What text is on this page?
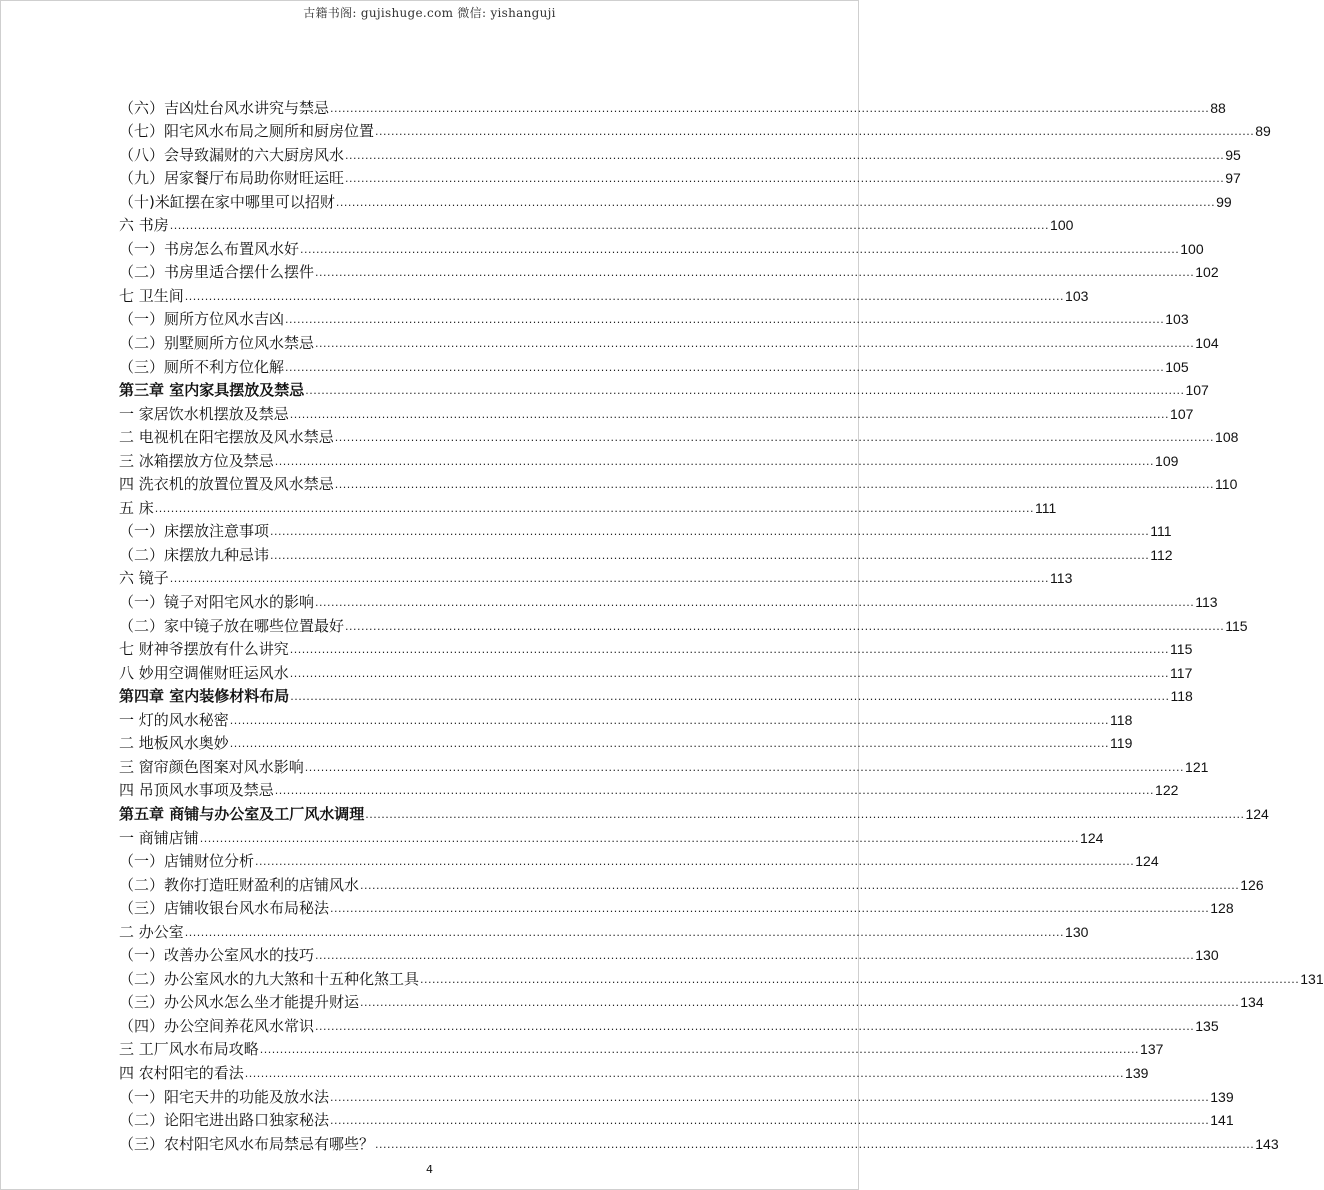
古籍书阁: gujishuge.com 微信: yishanguji
（六）吉凶灶台风水讲究与禁忌 ............................................................................................................................................................................................................................ 88
（七）阳宅风水布局之厕所和厨房位置 ............................................................................................................................................................................................................................ 89
（八）会导致漏财的六大厨房风水 ............................................................................................................................................................................................................................ 95
（九）居家餐厅布局助你财旺运旺 ............................................................................................................................................................................................................................ 97
（十)米缸摆在家中哪里可以招财 ............................................................................................................................................................................................................................ 99
六 书房 ............................................................................................................................................................................................................................ 100
（一）书房怎么布置风水好 ............................................................................................................................................................................................................................ 100
（二）书房里适合摆什么摆件 ............................................................................................................................................................................................................................ 102
七 卫生间 ............................................................................................................................................................................................................................ 103
（一）厕所方位风水吉凶 ............................................................................................................................................................................................................................ 103
（二）别墅厕所方位风水禁忌 ............................................................................................................................................................................................................................ 104
（三）厕所不利方位化解 ............................................................................................................................................................................................................................ 105
第三章 室内家具摆放及禁忌 ............................................................................................................................................................................................................................ 107
一 家居饮水机摆放及禁忌 ............................................................................................................................................................................................................................ 107
二 电视机在阳宅摆放及风水禁忌 ............................................................................................................................................................................................................................ 108
三 冰箱摆放方位及禁忌 ............................................................................................................................................................................................................................ 109
四 洗衣机的放置位置及风水禁忌 ............................................................................................................................................................................................................................ 110
五 床 ............................................................................................................................................................................................................................ 111
（一）床摆放注意事项 ............................................................................................................................................................................................................................ 111
（二）床摆放九种忌讳 ............................................................................................................................................................................................................................ 112
六 镜子 ............................................................................................................................................................................................................................ 113
（一）镜子对阳宅风水的影响 ............................................................................................................................................................................................................................ 113
（二）家中镜子放在哪些位置最好 ............................................................................................................................................................................................................................ 115
七 财神爷摆放有什么讲究 ............................................................................................................................................................................................................................ 115
八 妙用空调催财旺运风水 ............................................................................................................................................................................................................................ 117
第四章 室内装修材料布局 ............................................................................................................................................................................................................................ 118
一 灯的风水秘密 ............................................................................................................................................................................................................................ 118
二 地板风水奥妙 ............................................................................................................................................................................................................................ 119
三 窗帘颜色图案对风水影响 ............................................................................................................................................................................................................................ 121
四 吊顶风水事项及禁忌 ............................................................................................................................................................................................................................ 122
第五章 商铺与办公室及工厂风水调理 ............................................................................................................................................................................................................................ 124
一 商铺店铺 ............................................................................................................................................................................................................................ 124
（一）店铺财位分析 ............................................................................................................................................................................................................................ 124
（二）教你打造旺财盈利的店铺风水 ............................................................................................................................................................................................................................ 126
（三）店铺收银台风水布局秘法 ............................................................................................................................................................................................................................ 128
二 办公室 ............................................................................................................................................................................................................................ 130
（一）改善办公室风水的技巧 ............................................................................................................................................................................................................................ 130
（二）办公室风水的九大煞和十五种化煞工具 ............................................................................................................................................................................................................................ 131
（三）办公风水怎么坐才能提升财运 ............................................................................................................................................................................................................................ 134
（四）办公空间养花风水常识 ............................................................................................................................................................................................................................ 135
三 工厂风水布局攻略 ............................................................................................................................................................................................................................ 137
四 农村阳宅的看法 ............................................................................................................................................................................................................................ 139
（一）阳宅天井的功能及放水法 ............................................................................................................................................................................................................................ 139
（二）论阳宅进出路口独家秘法 ............................................................................................................................................................................................................................ 141
（三）农村阳宅风水布局禁忌有哪些？ ............................................................................................................................................................................................................................ 143
4
